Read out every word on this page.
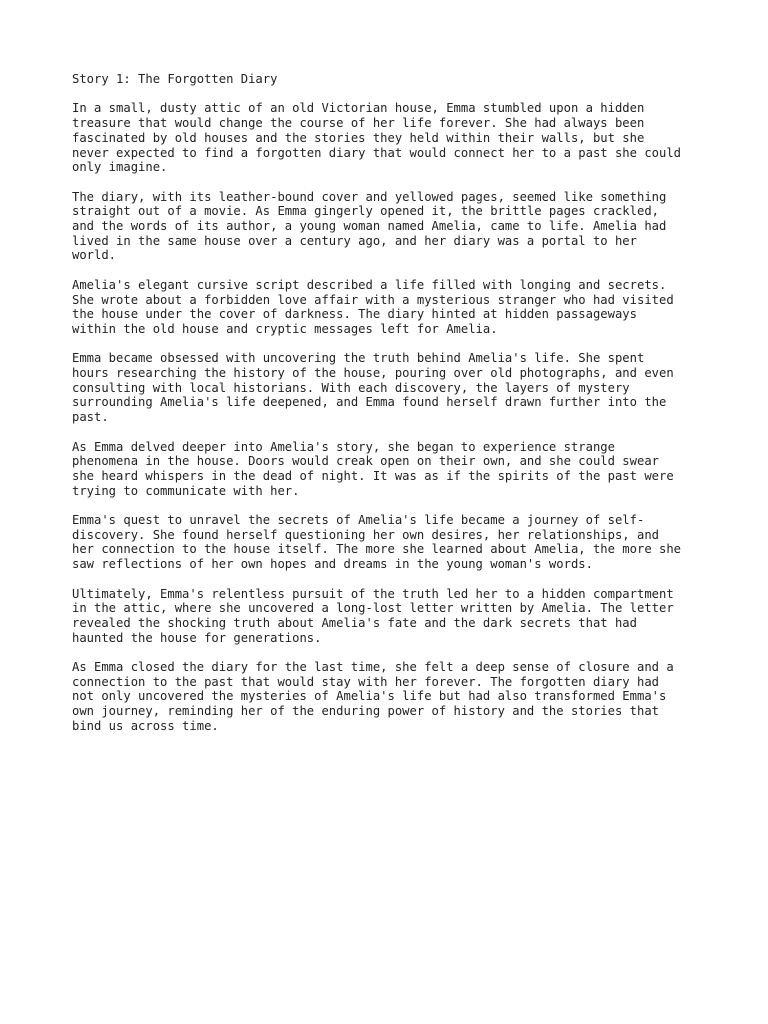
Story 1: The Forgotten Diary

In a small, dusty attic of an old Victorian house, Emma stumbled upon a hidden
treasure that would change the course of her life forever. She had always been
fascinated by old houses and the stories they held within their walls, but she
never expected to find a forgotten diary that would connect her to a past she could
only imagine.

The diary, with its leather-bound cover and yellowed pages, seemed like something
straight out of a movie. As Emma gingerly opened it, the brittle pages crackled,
and the words of its author, a young woman named Amelia, came to life. Amelia had
lived in the same house over a century ago, and her diary was a portal to her
world.

Amelia's elegant cursive script described a life filled with longing and secrets.
She wrote about a forbidden love affair with a mysterious stranger who had visited
the house under the cover of darkness. The diary hinted at hidden passageways
within the old house and cryptic messages left for Amelia.

Emma became obsessed with uncovering the truth behind Amelia's life. She spent
hours researching the history of the house, pouring over old photographs, and even
consulting with local historians. With each discovery, the layers of mystery
surrounding Amelia's life deepened, and Emma found herself drawn further into the
past.

As Emma delved deeper into Amelia's story, she began to experience strange
phenomena in the house. Doors would creak open on their own, and she could swear
she heard whispers in the dead of night. It was as if the spirits of the past were
trying to communicate with her.

Emma's quest to unravel the secrets of Amelia's life became a journey of self-
discovery. She found herself questioning her own desires, her relationships, and
her connection to the house itself. The more she learned about Amelia, the more she
saw reflections of her own hopes and dreams in the young woman's words.

Ultimately, Emma's relentless pursuit of the truth led her to a hidden compartment
in the attic, where she uncovered a long-lost letter written by Amelia. The letter
revealed the shocking truth about Amelia's fate and the dark secrets that had
haunted the house for generations.

As Emma closed the diary for the last time, she felt a deep sense of closure and a
connection to the past that would stay with her forever. The forgotten diary had
not only uncovered the mysteries of Amelia's life but had also transformed Emma's
own journey, reminding her of the enduring power of history and the stories that
bind us across time.
